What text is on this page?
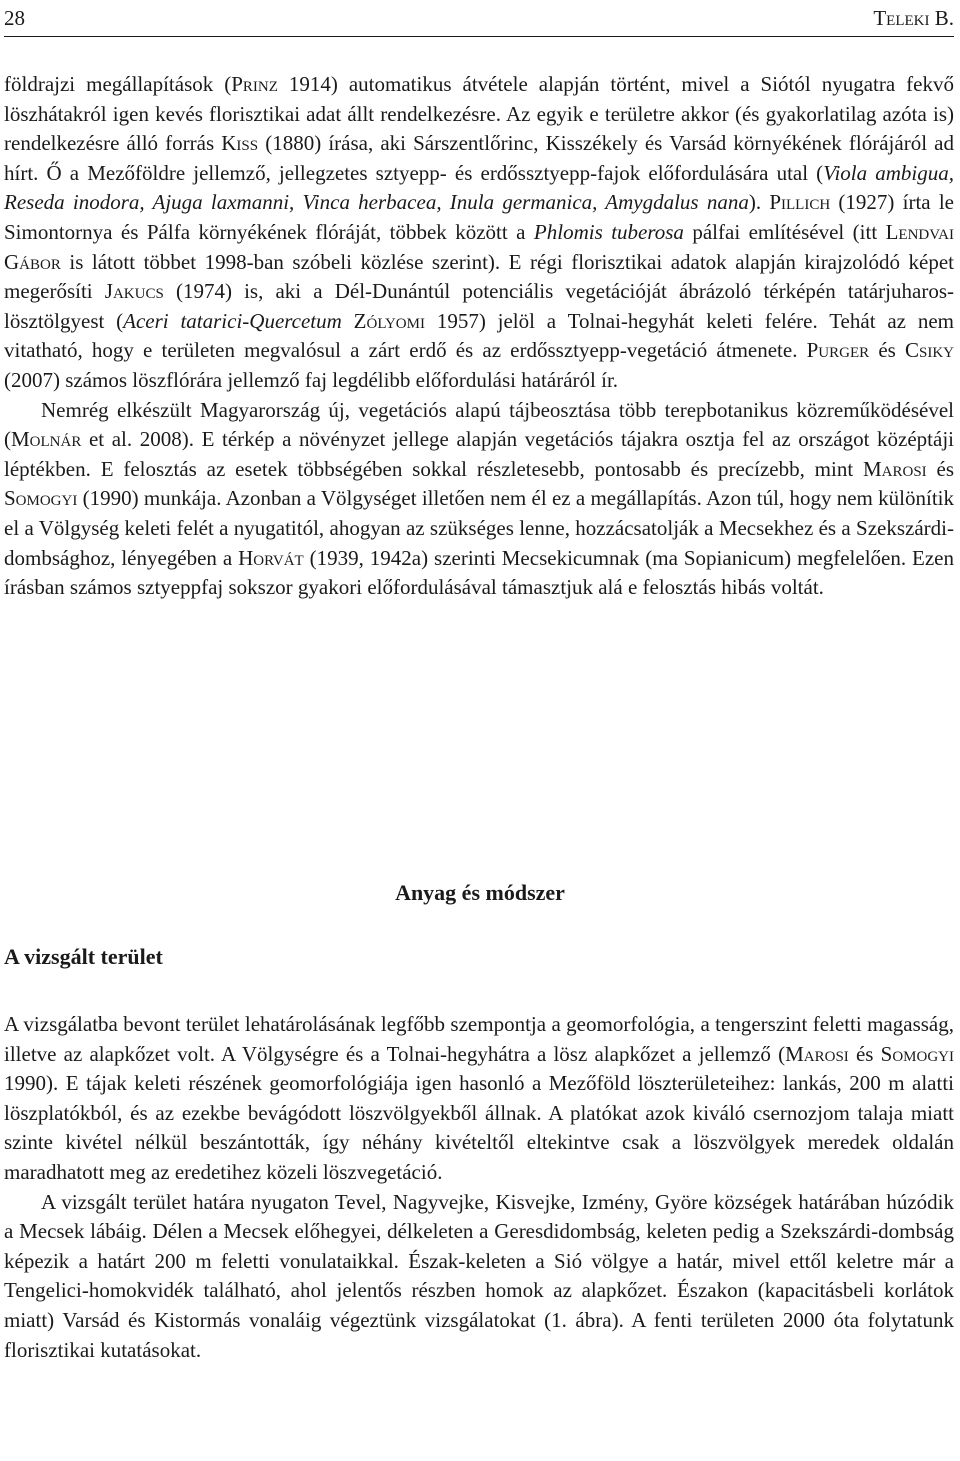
28	Teleki B.

földrajzi megállapítások (Prinz 1914) automatikus átvétele alapján történt, mivel a Siótól nyugatra fekvő löszhátakról igen kevés florisztikai adat állt rendelkezésre. Az egyik e területre akkor (és gyakorlatilag azóta is) rendelkezésre álló forrás Kiss (1880) írása, aki Sárszentlőrinc, Kisszékely és Varsád környékének flórájáról ad hírt. Ő a Mezőföldre jellemző, jellegzetes sztyepp- és erdőssztyepp-fajok előfordulására utal (Viola ambigua, Reseda inodora, Ajuga laxmanni, Vinca herbacea, Inula germanica, Amygdalus nana). Pillich (1927) írta le Simontornya és Pálfa környékének flóráját, többek között a Phlomis tuberosa pálfai említésével (itt Lendvai Gábor is látott többet 1998-ban szóbeli közlése szerint). E régi florisztikai adatok alapján kirajzolódó képet megerősíti Jakucs (1974) is, aki a Dél-Dunántúl potenciális vegetációját ábrázoló térképén tatárjuharos-lösztölgyest (Aceri tatarici-Quercetum Zólyomi 1957) jelöl a Tolnai-hegyhát keleti felére. Tehát az nem vitatható, hogy e területen megvalósul a zárt erdő és az erdőssztyepp-vegetáció átmenete. Purger és Csiky (2007) számos löszflórára jellemző faj legdélibb előfordulási határáról ír.

Nemrég elkészült Magyarország új, vegetációs alapú tájbeosztása több terepbotanikus közreműködésével (Molnár et al. 2008). E térkép a növényzet jellege alapján vegetációs tájakra osztja fel az országot középtáji léptékben. E felosztás az esetek többségében sokkal részletesebb, pontosabb és precízebb, mint Marosi és Somogyi (1990) munkája. Azonban a Völgységet illetően nem él ez a megállapítás. Azon túl, hogy nem különítik el a Völgység keleti felét a nyugatitól, ahogyan az szükséges lenne, hozzácsatolják a Mecsekhez és a Szekszárdi-dombsághoz, lényegében a Horvát (1939, 1942a) szerinti Mecsekicumnak (ma Sopianicum) megfelelően. Ezen írásban számos sztyeppfaj sokszor gyakori előfordulásával támasztjuk alá e felosztás hibás voltát.

Anyag és módszer
A vizsgált terület

A vizsgálatba bevont terület lehatárolásának legfőbb szempontja a geomorfológia, a tengerszint feletti magasság, illetve az alapkőzet volt. A Völgységre és a Tolnai-hegyhátra a lösz alapkőzet a jellemző (Marosi és Somogyi 1990). E tájak keleti részének geomorfológiája igen hasonló a Mezőföld löszterületeihez: lankás, 200 m alatti löszplatókból, és az ezekbe bevágódott löszvölgyekből állnak. A platókat azok kiváló csernozjom talaja miatt szinte kivétel nélkül beszántották, így néhány kivételtől eltekintve csak a löszvölgyek meredek oldalán maradhatott meg az eredetihez közeli löszvegetáció.

A vizsgált terület határa nyugaton Tevel, Nagyvejke, Kisvejke, Izmény, Györe községek határában húzódik a Mecsek lábáig. Délen a Mecsek előhegyei, délkeleten a Geresdidombság, keleten pedig a Szekszárdi-dombság képezik a határt 200 m feletti vonulataikkal. Észak-keleten a Sió völgye a határ, mivel ettől keletre már a Tengelici-homokvidék található, ahol jelentős részben homok az alapkőzet. Északon (kapacitásbeli korlátok miatt) Varsád és Kistormás vonaláig végeztünk vizsgálatokat (1. ábra). A fenti területen 2000 óta folytatunk florisztikai kutatásokat.
